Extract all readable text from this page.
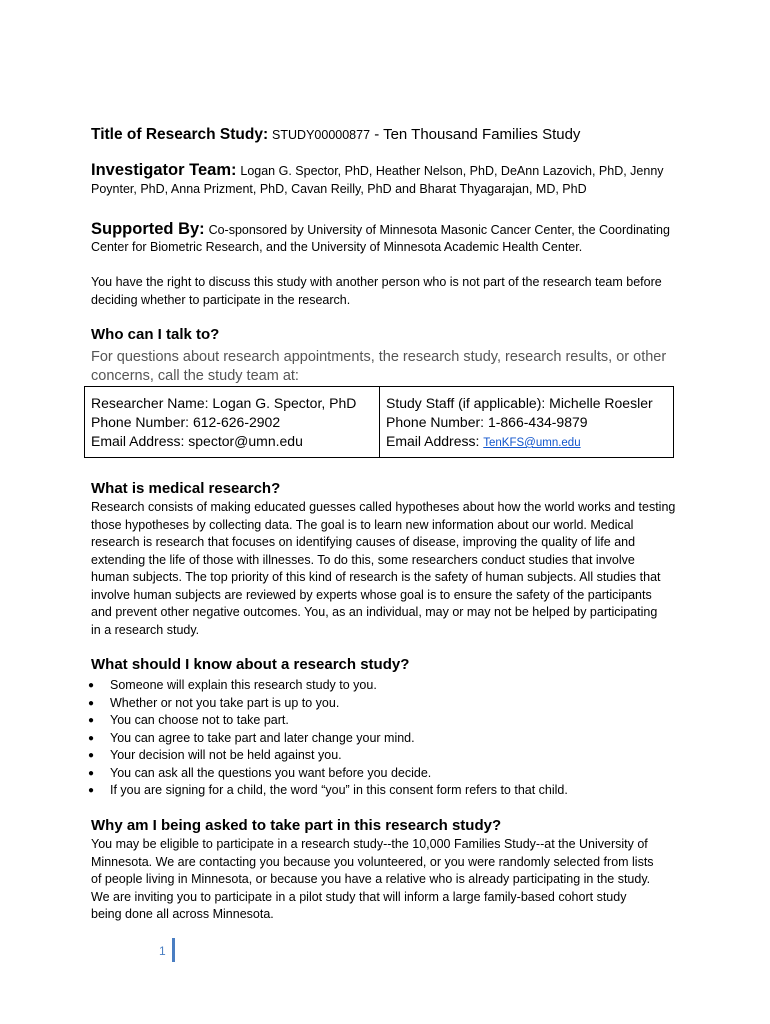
Title of Research Study: STUDY00000877 - Ten Thousand Families Study
Investigator Team: Logan G. Spector, PhD, Heather Nelson, PhD, DeAnn Lazovich, PhD, Jenny
Poynter, PhD, Anna Prizment, PhD, Cavan Reilly, PhD and Bharat Thyagarajan, MD, PhD
Supported By: Co-sponsored by University of Minnesota Masonic Cancer Center, the Coordinating
Center for Biometric Research, and the University of Minnesota Academic Health Center.
You have the right to discuss this study with another person who is not part of the research team before
deciding whether to participate in the research.
Who can I talk to?
For questions about research appointments, the research study, research results, or other
concerns, call the study team at:
Researcher Name: Logan G. Spector, PhD
Phone Number: 612-626-2902
Email Address: spector@umn.edu
Study Staff (if applicable): Michelle Roesler
Phone Number: 1-866-434-9879
Email Address: TenKFS@umn.edu
What is medical research?
Research consists of making educated guesses called hypotheses about how the world works and testing
those hypotheses by collecting data. The goal is to learn new information about our world. Medical
research is research that focuses on identifying causes of disease, improving the quality of life and
extending the life of those with illnesses. To do this, some researchers conduct studies that involve
human subjects. The top priority of this kind of research is the safety of human subjects. All studies that
involve human subjects are reviewed by experts whose goal is to ensure the safety of the participants
and prevent other negative outcomes. You, as an individual, may or may not be helped by participating
in a research study.
What should I know about a research study?
● Someone will explain this research study to you.
● Whether or not you take part is up to you.
● You can choose not to take part.
● You can agree to take part and later change your mind.
● Your decision will not be held against you.
● You can ask all the questions you want before you decide.
● If you are signing for a child, the word “you” in this consent form refers to that child.
Why am I being asked to take part in this research study?
You may be eligible to participate in a research study--the 10,000 Families Study--at the University of
Minnesota. We are contacting you because you volunteered, or you were randomly selected from lists
of people living in Minnesota, or because you have a relative who is already participating in the study.
We are inviting you to participate in a pilot study that will inform a large family-based cohort study
being done all across Minnesota.
1
